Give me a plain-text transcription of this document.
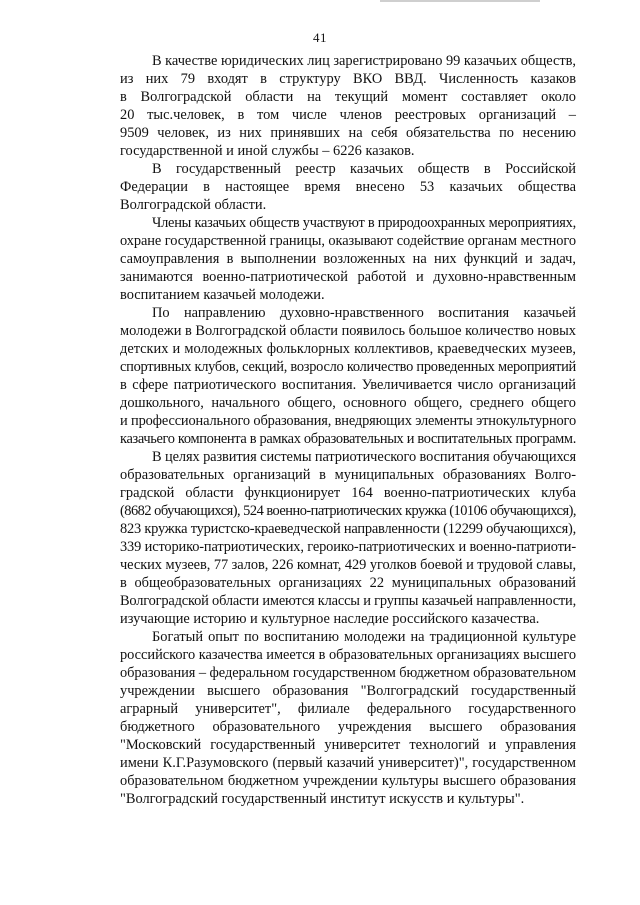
41
В качестве юридических лиц зарегистрировано 99 казачьих обществ,
из них 79 входят в структуру ВКО ВВД. Численность казаков
в Волгоградской области на текущий момент составляет около
20 тыс.человек, в том числе членов реестровых организаций –
9509 человек, из них принявших на себя обязательства по несению
государственной и иной службы – 6226 казаков.
В государственный реестр казачьих обществ в Российской
Федерации в настоящее время внесено 53 казачьих общества
Волгоградской области.
Члены казачьих обществ участвуют в природоохранных мероприятиях,
охране государственной границы, оказывают содействие органам местного
самоуправления в выполнении возложенных на них функций и задач,
занимаются военно-патриотической работой и духовно-нравственным
воспитанием казачьей молодежи.
По направлению духовно-нравственного воспитания казачьей
молодежи в Волгоградской области появилось большое количество новых
детских и молодежных фольклорных коллективов, краеведческих музеев,
спортивных клубов, секций, возросло количество проведенных мероприятий
в сфере патриотического воспитания. Увеличивается число организаций
дошкольного, начального общего, основного общего, среднего общего
и профессионального образования, внедряющих элементы этнокультурного
казачьего компонента в рамках образовательных и воспитательных программ.
В целях развития системы патриотического воспитания обучающихся
образовательных организаций в муниципальных образованиях Волго-
градской области функционирует 164 военно-патриотических клуба
(8682 обучающихся), 524 военно-патриотических кружка (10106 обучающихся),
823 кружка туристско-краеведческой направленности (12299 обучающихся),
339 историко-патриотических, героико-патриотических и военно-патриоти-
ческих музеев, 77 залов, 226 комнат, 429 уголков боевой и трудовой славы,
в общеобразовательных организациях 22 муниципальных образований
Волгоградской области имеются классы и группы казачьей направленности,
изучающие историю и культурное наследие российского казачества.
Богатый опыт по воспитанию молодежи на традиционной культуре
российского казачества имеется в образовательных организациях высшего
образования – федеральном государственном бюджетном образовательном
учреждении высшего образования "Волгоградский государственный
аграрный университет", филиале федерального государственного
бюджетного образовательного учреждения высшего образования
"Московский государственный университет технологий и управления
имени К.Г.Разумовского (первый казачий университет)", государственном
образовательном бюджетном учреждении культуры высшего образования
"Волгоградский государственный институт искусств и культуры".
